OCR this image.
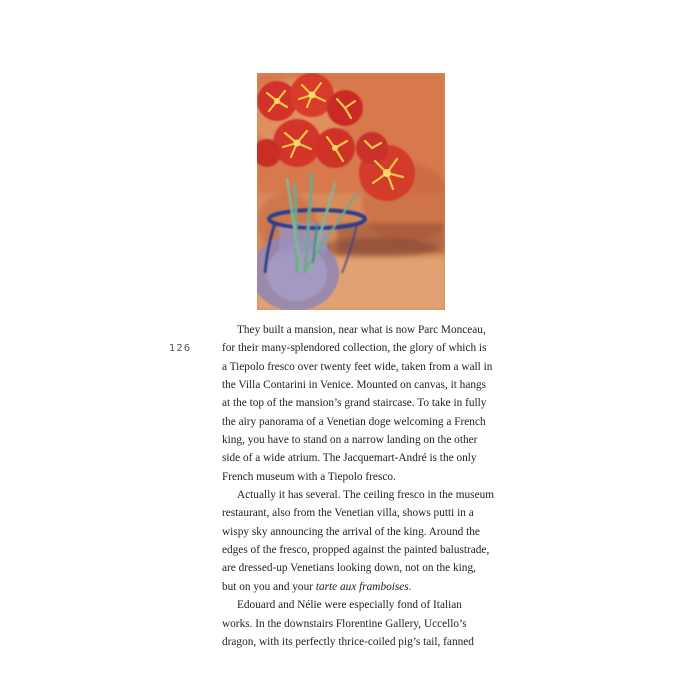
126

They built a mansion, near what is now Parc Monceau,
for their many-splendored collection, the glory of which is
a Tiepolo fresco over twenty feet wide, taken from a wall in
the Villa Contarini in Venice. Mounted on canvas, it hangs
at the top of the mansion’s grand staircase. To take in fully
the airy panorama of a Venetian doge welcoming a French
king, you have to stand on a narrow landing on the other
side of a wide atrium. The Jacquemart-André is the only
French museum with a Tiepolo fresco.

Actually it has several. The ceiling fresco in the museum
restaurant, also from the Venetian villa, shows putti in a
wispy sky announcing the arrival of the king. Around the
edges of the fresco, propped against the painted balustrade,
are dressed-up Venetians looking down, not on the king,
but on you and your tarte aux framboises.

Edouard and Nélie were especially fond of Italian
works. In the downstairs Florentine Gallery, Uccello’s
dragon, with its perfectly thrice-coiled pig’s tail, fanned
